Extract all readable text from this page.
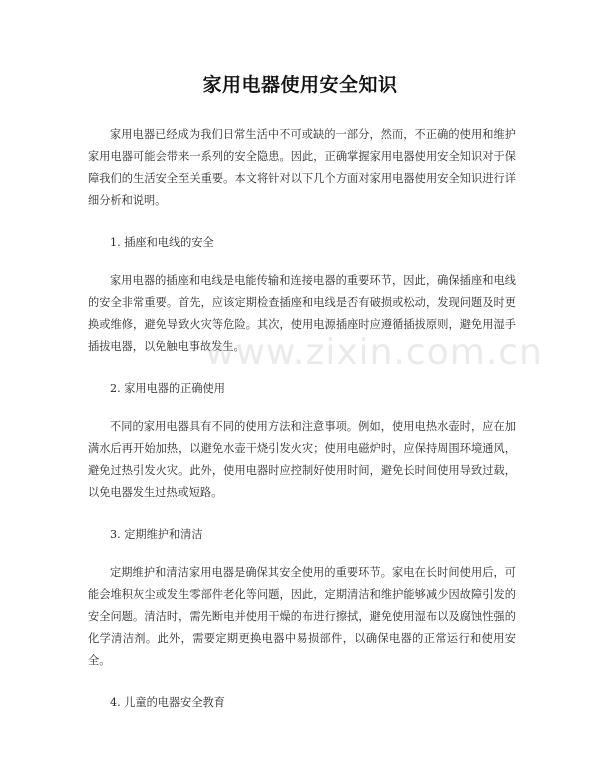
家用电器使用安全知识

家用电器已经成为我们日常生活中不可或缺的一部分，然而，不正确的使用和维护家用电器可能会带来一系列的安全隐患。因此，正确掌握家用电器使用安全知识对于保障我们的生活安全至关重要。本文将针对以下几个方面对家用电器使用安全知识进行详细分析和说明。

1. 插座和电线的安全

家用电器的插座和电线是电能传输和连接电器的重要环节，因此，确保插座和电线的安全非常重要。首先，应该定期检查插座和电线是否有破损或松动，发现问题及时更换或维修，避免导致火灾等危险。其次，使用电源插座时应遵循插拔原则，避免用湿手插拔电器，以免触电事故发生。

2. 家用电器的正确使用

不同的家用电器具有不同的使用方法和注意事项。例如，使用电热水壶时，应在加满水后再开始加热，以避免水壶干烧引发火灾；使用电磁炉时，应保持周围环境通风，避免过热引发火灾。此外，使用电器时应控制好使用时间，避免长时间使用导致过载，以免电器发生过热或短路。

3. 定期维护和清洁

定期维护和清洁家用电器是确保其安全使用的重要环节。家电在长时间使用后，可能会堆积灰尘或发生零部件老化等问题，因此，定期清洁和维护能够减少因故障引发的安全问题。清洁时，需先断电并使用干燥的布进行擦拭，避免使用湿布以及腐蚀性强的化学清洁剂。此外，需要定期更换电器中易损部件，以确保电器的正常运行和使用安全。

4. 儿童的电器安全教育

www.zixin.com.cn
